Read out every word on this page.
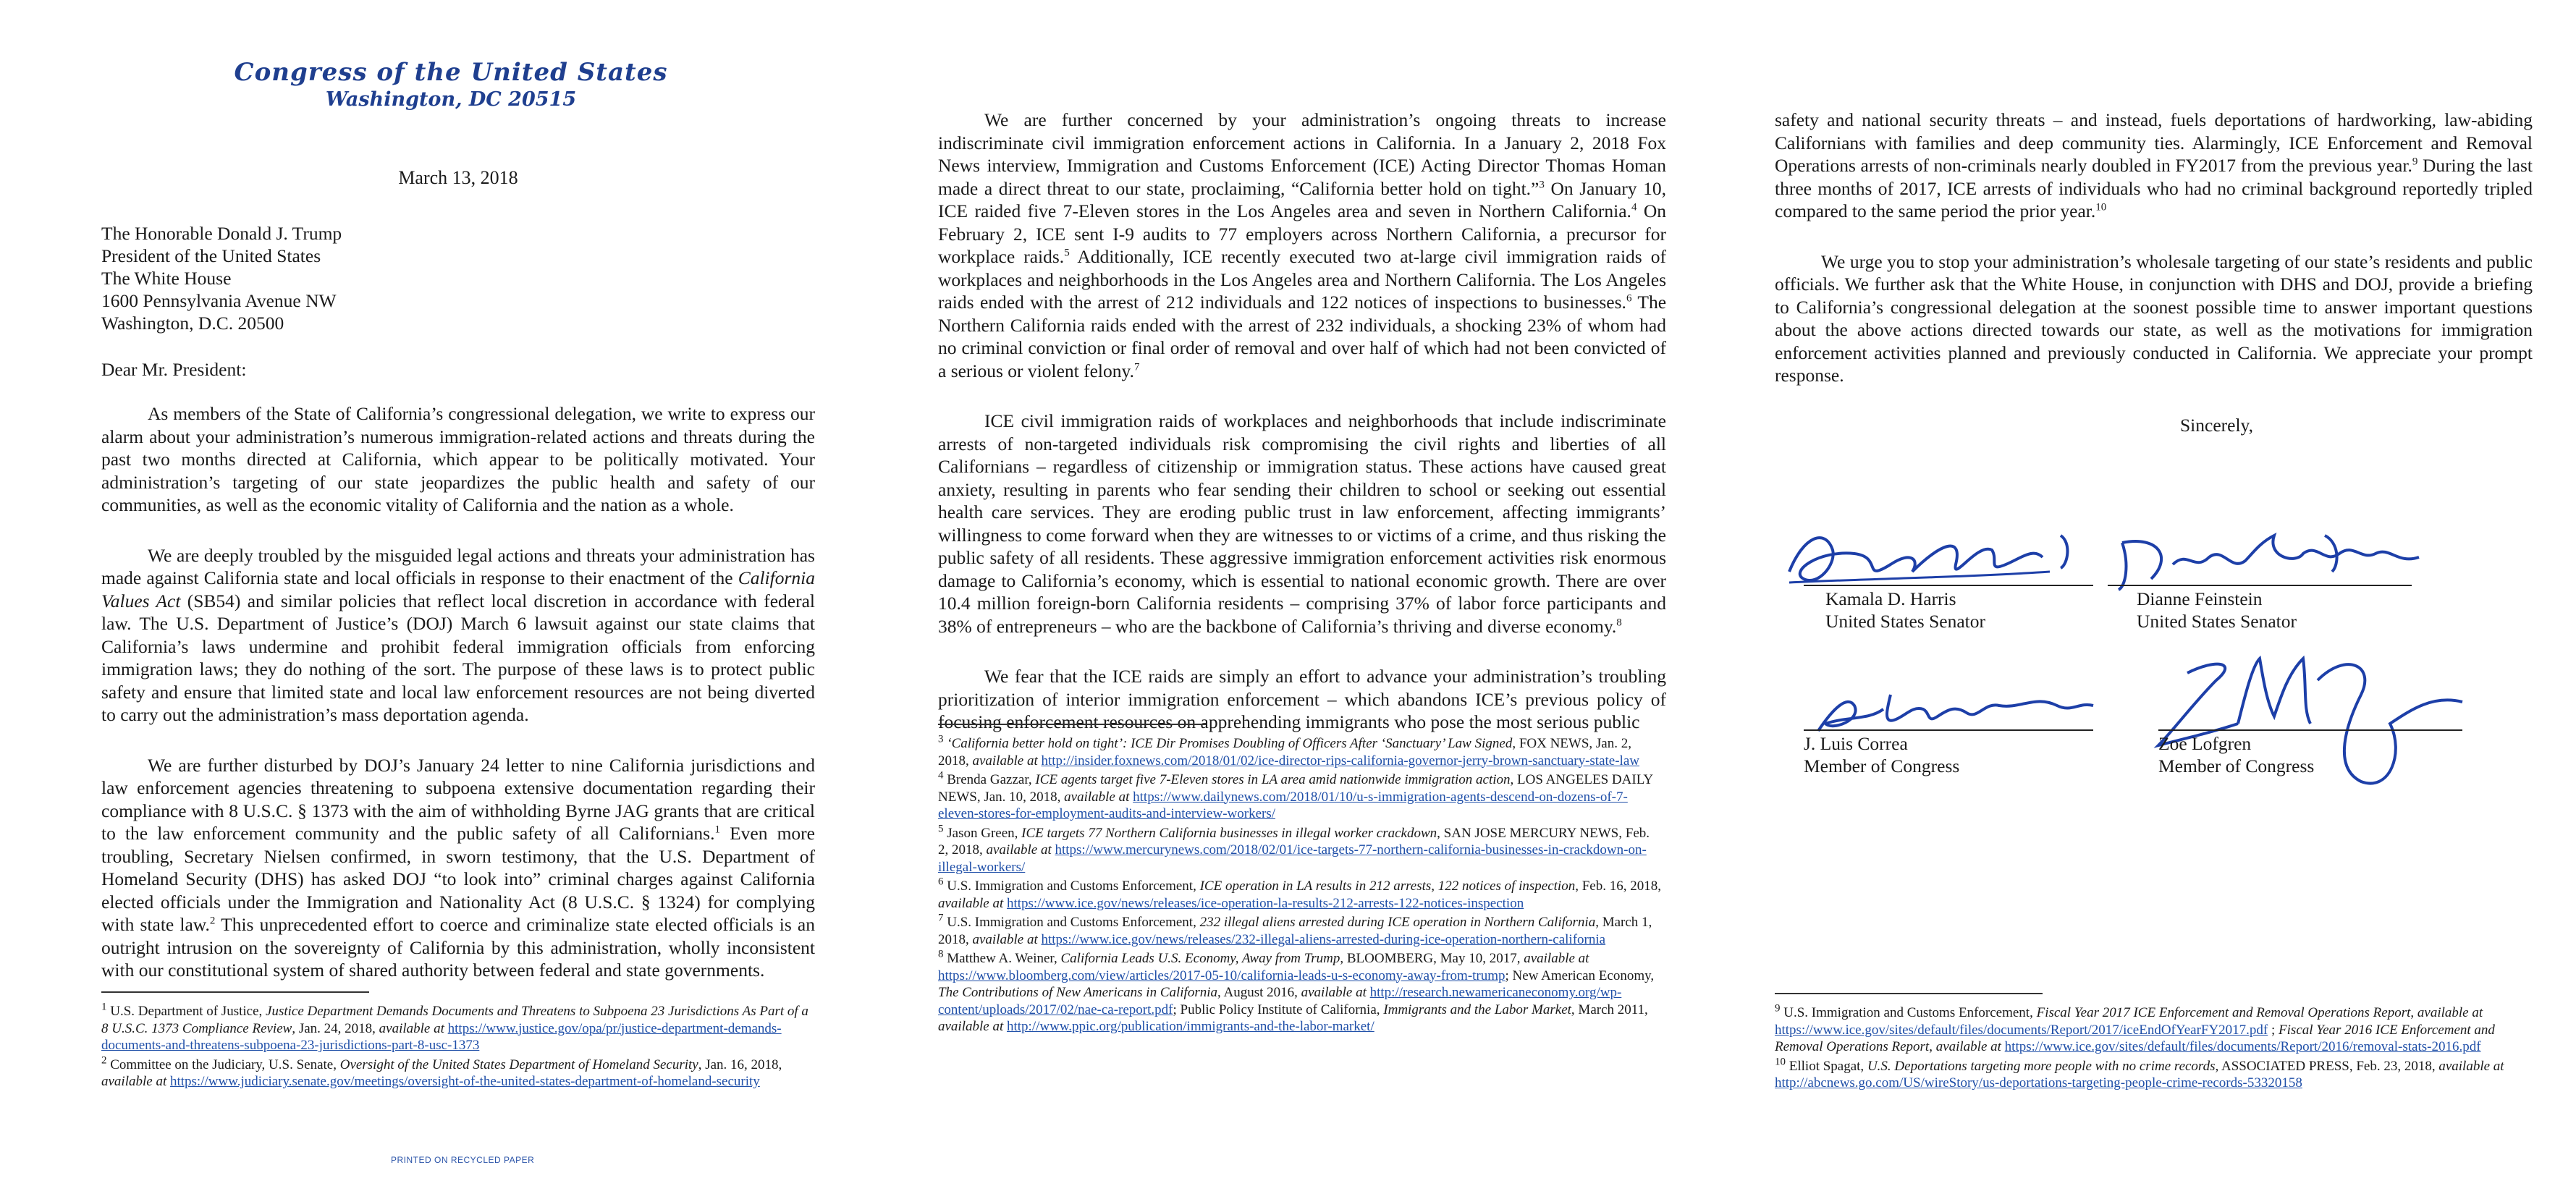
Congress of the United States
Washington, DC 20515
March 13, 2018
The Honorable Donald J. Trump
President of the United States
The White House
1600 Pennsylvania Avenue NW
Washington, D.C. 20500
Dear Mr. President:

As members of the State of California’s congressional delegation, we write to express our alarm about your administration’s numerous immigration-related actions and threats during the past two months directed at California, which appear to be politically motivated. Your administration’s targeting of our state jeopardizes the public health and safety of our communities, as well as the economic vitality of California and the nation as a whole.

We are deeply troubled by the misguided legal actions and threats your administration has made against California state and local officials in response to their enactment of the California Values Act (SB54) and similar policies that reflect local discretion in accordance with federal law. The U.S. Department of Justice’s (DOJ) March 6 lawsuit against our state claims that California’s laws undermine and prohibit federal immigration officials from enforcing immigration laws; they do nothing of the sort. The purpose of these laws is to protect public safety and ensure that limited state and local law enforcement resources are not being diverted to carry out the administration’s mass deportation agenda.

We are further disturbed by DOJ’s January 24 letter to nine California jurisdictions and law enforcement agencies threatening to subpoena extensive documentation regarding their compliance with 8 U.S.C. § 1373 with the aim of withholding Byrne JAG grants that are critical to the law enforcement community and the public safety of all Californians.$^1$ Even more troubling, Secretary Nielsen confirmed, in sworn testimony, that the U.S. Department of Homeland Security (DHS) has asked DOJ “to look into” criminal charges against California elected officials under the Immigration and Nationality Act (8 U.S.C. § 1324) for complying with state law.$^2$ This unprecedented effort to coerce and criminalize state elected officials is an outright intrusion on the sovereignty of California by this administration, wholly inconsistent with our constitutional system of shared authority between federal and state governments.

$^1$ U.S. Department of Justice, Justice Department Demands Documents and Threatens to Subpoena 23 Jurisdictions As Part of a 8 U.S.C. 1373 Compliance Review, Jan. 24, 2018, available at https://www.justice.gov/opa/pr/justice-department-demands-documents-and-threatens-subpoena-23-jurisdictions-part-8-usc-1373
$^2$ Committee on the Judiciary, U.S. Senate, Oversight of the United States Department of Homeland Security, Jan. 16, 2018, available at https://www.judiciary.senate.gov/meetings/oversight-of-the-united-states-department-of-homeland-security
PRINTED ON RECYCLED PAPER

We are further concerned by your administration’s ongoing threats to increase indiscriminate civil immigration enforcement actions in California. In a January 2, 2018 Fox News interview, Immigration and Customs Enforcement (ICE) Acting Director Thomas Homan made a direct threat to our state, proclaiming, “California better hold on tight.”$^3$ On January 10, ICE raided five 7-Eleven stores in the Los Angeles area and seven in Northern California.$^4$ On February 2, ICE sent I-9 audits to 77 employers across Northern California, a precursor for workplace raids.$^5$ Additionally, ICE recently executed two at-large civil immigration raids of workplaces and neighborhoods in the Los Angeles area and Northern California. The Los Angeles raids ended with the arrest of 212 individuals and 122 notices of inspections to businesses.$^6$ The Northern California raids ended with the arrest of 232 individuals, a shocking 23% of whom had no criminal conviction or final order of removal and over half of which had not been convicted of a serious or violent felony.$^7$

ICE civil immigration raids of workplaces and neighborhoods that include indiscriminate arrests of non-targeted individuals risk compromising the civil rights and liberties of all Californians – regardless of citizenship or immigration status. These actions have caused great anxiety, resulting in parents who fear sending their children to school or seeking out essential health care services. They are eroding public trust in law enforcement, affecting immigrants’ willingness to come forward when they are witnesses to or victims of a crime, and thus risking the public safety of all residents. These aggressive immigration enforcement activities risk enormous damage to California’s economy, which is essential to national economic growth. There are over 10.4 million foreign-born California residents – comprising 37% of labor force participants and 38% of entrepreneurs – who are the backbone of California’s thriving and diverse economy.$^8$

We fear that the ICE raids are simply an effort to advance your administration’s troubling prioritization of interior immigration enforcement – which abandons ICE’s previous policy of focusing enforcement resources on apprehending immigrants who pose the most serious public

$^3$ ‘California better hold on tight’: ICE Dir Promises Doubling of Officers After ‘Sanctuary’ Law Signed, FOX NEWS, Jan. 2, 2018, available at http://insider.foxnews.com/2018/01/02/ice-director-rips-california-governor-jerry-brown-sanctuary-state-law
$^4$ Brenda Gazzar, ICE agents target five 7-Eleven stores in LA area amid nationwide immigration action, LOS ANGELES DAILY NEWS, Jan. 10, 2018, available at https://www.dailynews.com/2018/01/10/u-s-immigration-agents-descend-on-dozens-of-7-eleven-stores-for-employment-audits-and-interview-workers/
$^5$ Jason Green, ICE targets 77 Northern California businesses in illegal worker crackdown, SAN JOSE MERCURY NEWS, Feb. 2, 2018, available at https://www.mercurynews.com/2018/02/01/ice-targets-77-northern-california-businesses-in-crackdown-on-illegal-workers/
$^6$ U.S. Immigration and Customs Enforcement, ICE operation in LA results in 212 arrests, 122 notices of inspection, Feb. 16, 2018, available at https://www.ice.gov/news/releases/ice-operation-la-results-212-arrests-122-notices-inspection
$^7$ U.S. Immigration and Customs Enforcement, 232 illegal aliens arrested during ICE operation in Northern California, March 1, 2018, available at https://www.ice.gov/news/releases/232-illegal-aliens-arrested-during-ice-operation-northern-california
$^8$ Matthew A. Weiner, California Leads U.S. Economy, Away from Trump, BLOOMBERG, May 10, 2017, available at https://www.bloomberg.com/view/articles/2017-05-10/california-leads-u-s-economy-away-from-trump; New American Economy, The Contributions of New Americans in California, August 2016, available at http://research.newamericaneconomy.org/wp-content/uploads/2017/02/nae-ca-report.pdf; Public Policy Institute of California, Immigrants and the Labor Market, March 2011, available at http://www.ppic.org/publication/immigrants-and-the-labor-market/

safety and national security threats – and instead, fuels deportations of hardworking, law-abiding Californians with families and deep community ties. Alarmingly, ICE Enforcement and Removal Operations arrests of non-criminals nearly doubled in FY2017 from the previous year.$^9$ During the last three months of 2017, ICE arrests of individuals who had no criminal background reportedly tripled compared to the same period the prior year.$^{10}$

We urge you to stop your administration’s wholesale targeting of our state’s residents and public officials. We further ask that the White House, in conjunction with DHS and DOJ, provide a briefing to California’s congressional delegation at the soonest possible time to answer important questions about the above actions directed towards our state, as well as the motivations for immigration enforcement activities planned and previously conducted in California. We appreciate your prompt response.

Sincerely,
Kamala D. Harris
United States Senator
Dianne Feinstein
United States Senator
J. Luis Correa
Member of Congress
Zoe Lofgren
Member of Congress
$^9$ U.S. Immigration and Customs Enforcement, Fiscal Year 2017 ICE Enforcement and Removal Operations Report, available at https://www.ice.gov/sites/default/files/documents/Report/2017/iceEndOfYearFY2017.pdf ; Fiscal Year 2016 ICE Enforcement and Removal Operations Report, available at https://www.ice.gov/sites/default/files/documents/Report/2016/removal-stats-2016.pdf
$^{10}$ Elliot Spagat, U.S. Deportations targeting more people with no crime records, ASSOCIATED PRESS, Feb. 23, 2018, available at http://abcnews.go.com/US/wireStory/us-deportations-targeting-people-crime-records-53320158
